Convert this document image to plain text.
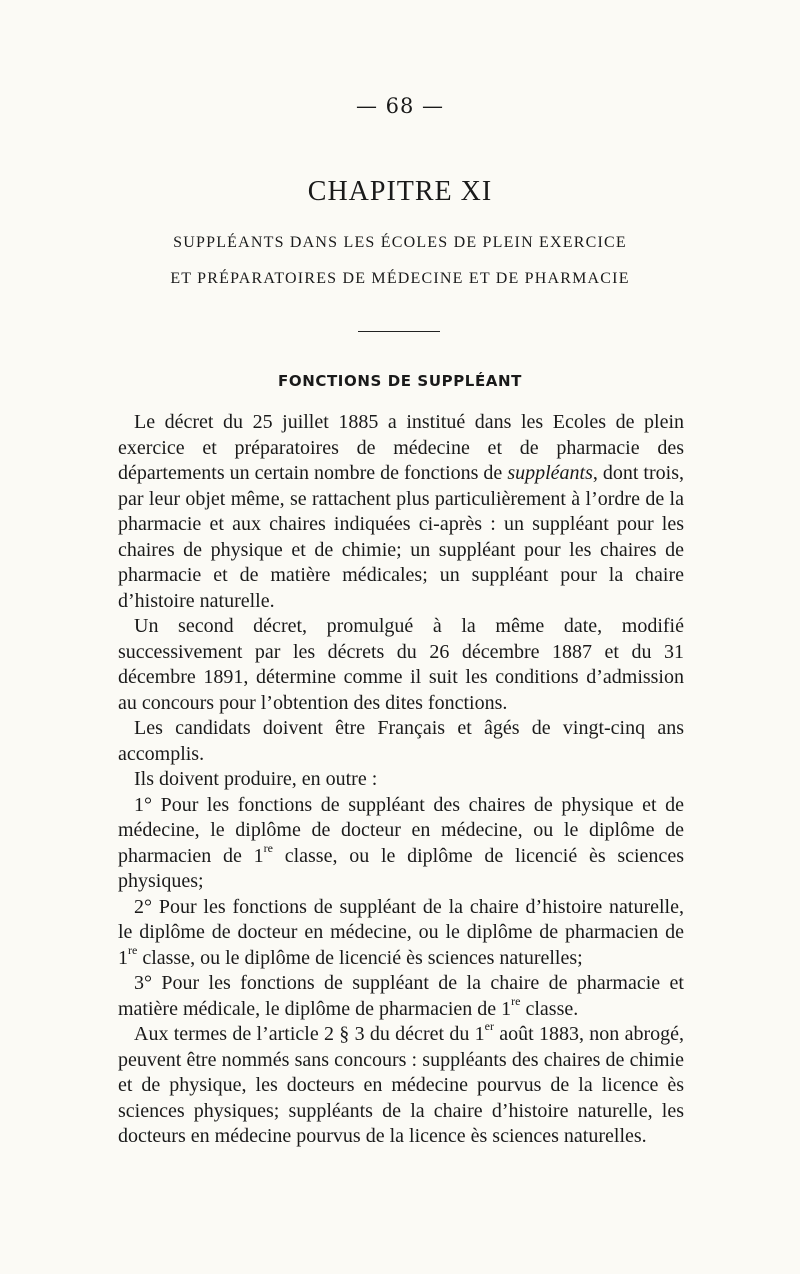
— 68 —
CHAPITRE XI
SUPPLÉANTS DANS LES ÉCOLES DE PLEIN EXERCICE
ET PRÉPARATOIRES DE MÉDECINE ET DE PHARMACIE
FONCTIONS DE SUPPLÉANT

Le décret du 25 juillet 1885 a institué dans les Ecoles de plein exercice et préparatoires de médecine et de pharmacie des départements un certain nombre de fonctions de suppléants, dont trois, par leur objet même, se rattachent plus particulièrement à l’ordre de la pharmacie et aux chaires indiquées ci-après : un suppléant pour les chaires de physique et de chimie; un suppléant pour les chaires de pharmacie et de matière médicales; un suppléant pour la chaire d’histoire naturelle.

Un second décret, promulgué à la même date, modifié successivement par les décrets du 26 décembre 1887 et du 31 décembre 1891, détermine comme il suit les conditions d’admission au concours pour l’obtention des dites fonctions.

Les candidats doivent être Français et âgés de vingt-cinq ans accomplis.

Ils doivent produire, en outre :

1° Pour les fonctions de suppléant des chaires de physique et de médecine, le diplôme de docteur en médecine, ou le diplôme de pharmacien de 1re classe, ou le diplôme de licencié ès sciences physiques;

2° Pour les fonctions de suppléant de la chaire d’histoire naturelle, le diplôme de docteur en médecine, ou le diplôme de pharmacien de 1re classe, ou le diplôme de licencié ès sciences naturelles;

3° Pour les fonctions de suppléant de la chaire de pharmacie et matière médicale, le diplôme de pharmacien de 1re classe.

Aux termes de l’article 2 § 3 du décret du 1er août 1883, non abrogé, peuvent être nommés sans concours : suppléants des chaires de chimie et de physique, les docteurs en médecine pourvus de la licence ès sciences physiques; suppléants de la chaire d’histoire naturelle, les docteurs en médecine pourvus de la licence ès sciences naturelles.
